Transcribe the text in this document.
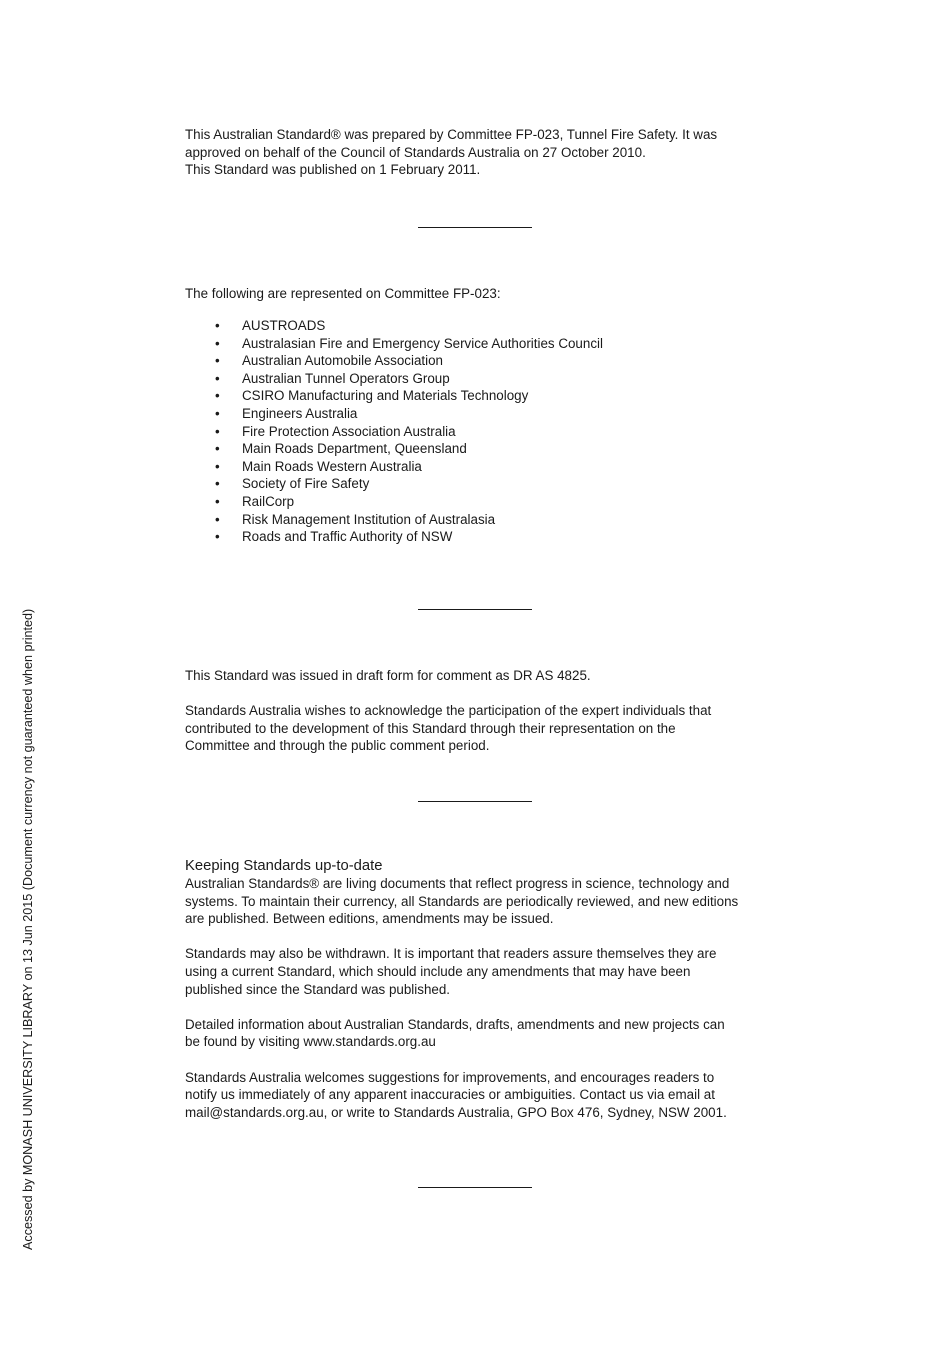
This Australian Standard® was prepared by Committee FP-023, Tunnel Fire Safety. It was

approved on behalf of the Council of Standards Australia on 27 October 2010.

This Standard was published on 1 February 2011.

The following are represented on Committee FP-023:

• AUSTROADS
• Australasian Fire and Emergency Service Authorities Council
• Australian Automobile Association
• Australian Tunnel Operators Group
• CSIRO Manufacturing and Materials Technology
• Engineers Australia
• Fire Protection Association Australia
• Main Roads Department, Queensland
• Main Roads Western Australia
• Society of Fire Safety
• RailCorp
• Risk Management Institution of Australasia
• Roads and Traffic Authority of NSW

This Standard was issued in draft form for comment as DR AS 4825.

Standards Australia wishes to acknowledge the participation of the expert individuals that

contributed to the development of this Standard through their representation on the

Committee and through the public comment period.

Keeping Standards up-to-date

Australian Standards® are living documents that reflect progress in science, technology and

systems. To maintain their currency, all Standards are periodically reviewed, and new editions

are published. Between editions, amendments may be issued.

Standards may also be withdrawn. It is important that readers assure themselves they are

using a current Standard, which should include any amendments that may have been

published since the Standard was published.

Detailed information about Australian Standards, drafts, amendments and new projects can

be found by visiting www.standards.org.au

Standards Australia welcomes suggestions for improvements, and encourages readers to

notify us immediately of any apparent inaccuracies or ambiguities. Contact us via email at

mail@standards.org.au, or write to Standards Australia, GPO Box 476, Sydney, NSW 2001.

Accessed by MONASH UNIVERSITY LIBRARY on 13 Jun 2015 (Document currency not guaranteed when printed)
